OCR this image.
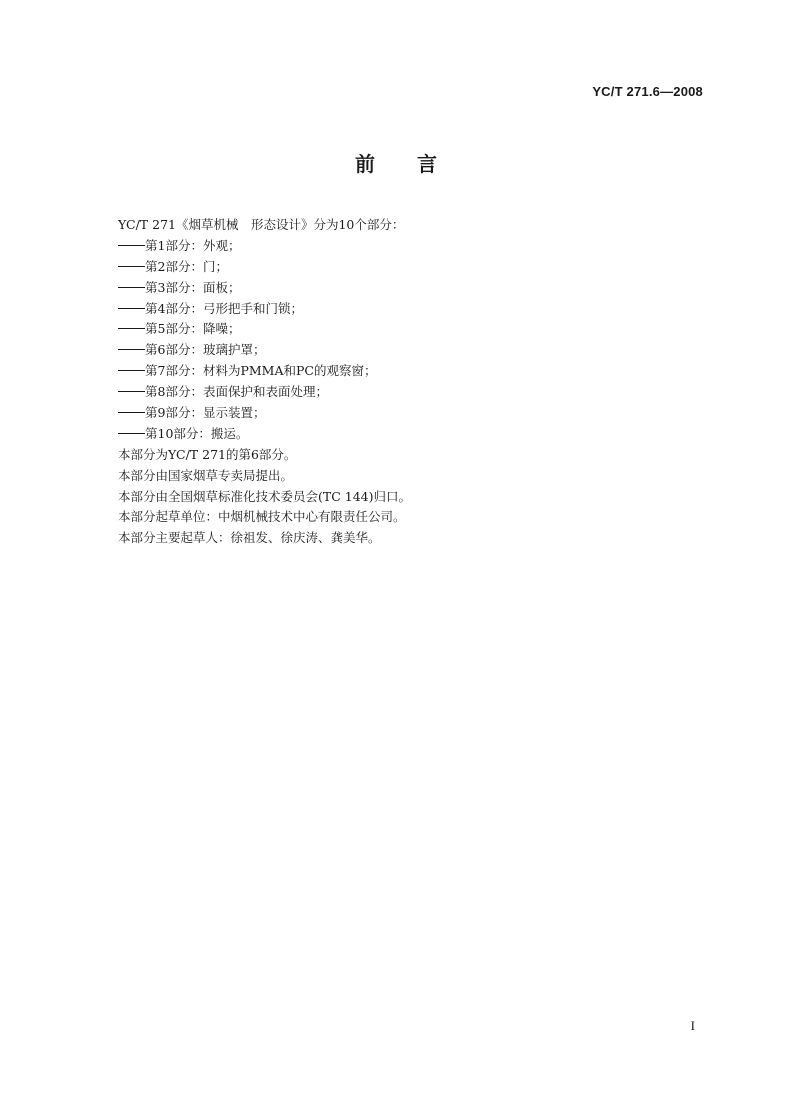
YC/T 271.6—2008
前言
YC/T 271《烟草机械　形态设计》分为10个部分：
第1部分：外观；
第2部分：门；
第3部分：面板；
第4部分：弓形把手和门锁；
第5部分：降噪；
第6部分：玻璃护罩；
第7部分：材料为PMMA和PC的观察窗；
第8部分：表面保护和表面处理；
第9部分：显示装置；
第10部分：搬运。
本部分为YC/T 271的第6部分。
本部分由国家烟草专卖局提出。
本部分由全国烟草标准化技术委员会(TC 144)归口。
本部分起草单位：中烟机械技术中心有限责任公司。
本部分主要起草人：徐祖发、徐庆涛、龚美华。
I
